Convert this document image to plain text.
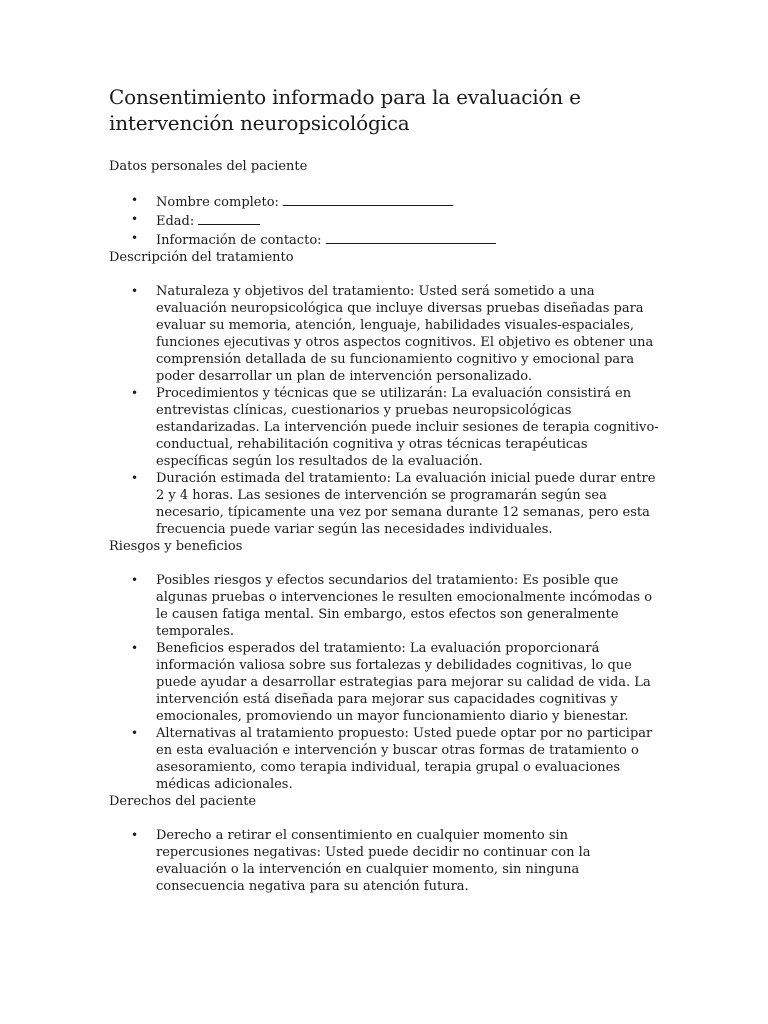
Consentimiento informado para la evaluación e intervención neuropsicológica

Datos personales del paciente

• Nombre completo:
• Edad:
• Información de contacto:

Descripción del tratamiento

• Naturaleza y objetivos del tratamiento: Usted será sometido a una evaluación neuropsicológica que incluye diversas pruebas diseñadas para evaluar su memoria, atención, lenguaje, habilidades visuales-espaciales, funciones ejecutivas y otros aspectos cognitivos. El objetivo es obtener una comprensión detallada de su funcionamiento cognitivo y emocional para poder desarrollar un plan de intervención personalizado.
• Procedimientos y técnicas que se utilizarán: La evaluación consistirá en entrevistas clínicas, cuestionarios y pruebas neuropsicológicas estandarizadas. La intervención puede incluir sesiones de terapia cognitivo-conductual, rehabilitación cognitiva y otras técnicas terapéuticas específicas según los resultados de la evaluación.
• Duración estimada del tratamiento: La evaluación inicial puede durar entre 2 y 4 horas. Las sesiones de intervención se programarán según sea necesario, típicamente una vez por semana durante 12 semanas, pero esta frecuencia puede variar según las necesidades individuales.

Riesgos y beneficios

• Posibles riesgos y efectos secundarios del tratamiento: Es posible que algunas pruebas o intervenciones le resulten emocionalmente incómodas o le causen fatiga mental. Sin embargo, estos efectos son generalmente temporales.
• Beneficios esperados del tratamiento: La evaluación proporcionará información valiosa sobre sus fortalezas y debilidades cognitivas, lo que puede ayudar a desarrollar estrategias para mejorar su calidad de vida. La intervención está diseñada para mejorar sus capacidades cognitivas y emocionales, promoviendo un mayor funcionamiento diario y bienestar.
• Alternativas al tratamiento propuesto: Usted puede optar por no participar en esta evaluación e intervención y buscar otras formas de tratamiento o asesoramiento, como terapia individual, terapia grupal o evaluaciones médicas adicionales.

Derechos del paciente

• Derecho a retirar el consentimiento en cualquier momento sin repercusiones negativas: Usted puede decidir no continuar con la evaluación o la intervención en cualquier momento, sin ninguna consecuencia negativa para su atención futura.
